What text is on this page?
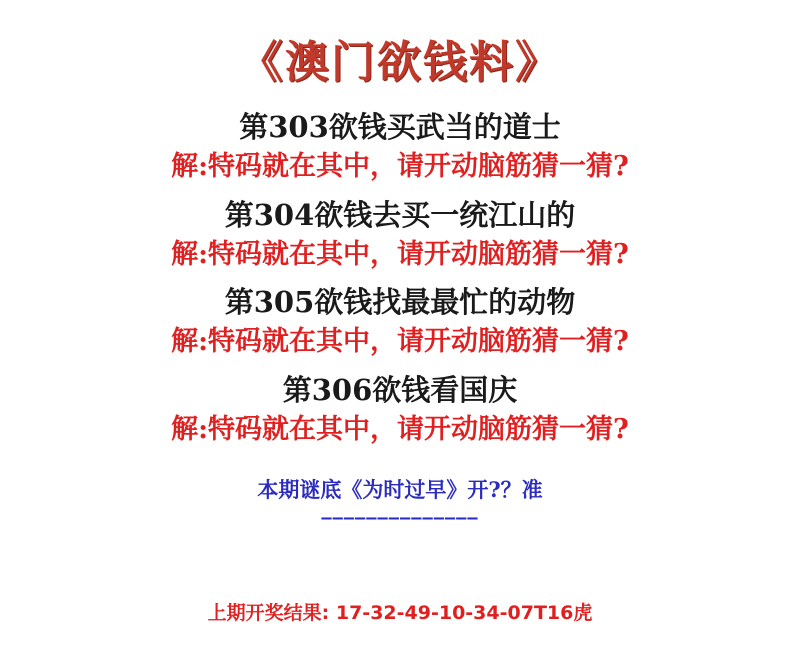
《澳门欲钱料》
第303欲钱买武当的道士
解:特码就在其中，请开动脑筋猜一猜?
第304欲钱去买一统江山的
解:特码就在其中，请开动脑筋猜一猜?
第305欲钱找最最忙的动物
解:特码就在其中，请开动脑筋猜一猜?
第306欲钱看国庆
解:特码就在其中，请开动脑筋猜一猜?
本期谜底《为时过早》开?？准
——————————————
上期开奖结果: 17-32-49-10-34-07T16虎
